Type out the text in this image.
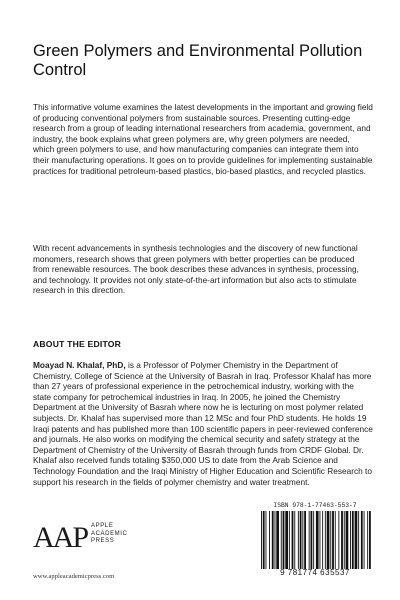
Green Polymers and Environmental Pollution Control

This informative volume examines the latest developments in the important and growing field of producing conventional polymers from sustainable sources. Presenting cutting-edge research from a group of leading international researchers from academia, government, and industry, the book explains what green polymers are, why green polymers are needed, which green polymers to use, and how manufacturing companies can integrate them into their manufacturing operations. It goes on to provide guidelines for implementing sustainable practices for traditional petroleum-based plastics, bio-based plastics, and recycled plastics.

With recent advancements in synthesis technologies and the discovery of new functional monomers, research shows that green polymers with better properties can be produced from renewable resources. The book describes these advances in synthesis, processing, and technology. It provides not only state-of-the-art information but also acts to stimulate research in this direction.

ABOUT THE EDITOR

Moayad N. Khalaf, PhD, is a Professor of Polymer Chemistry in the Department of Chemistry, College of Science at the University of Basrah in Iraq. Professor Khalaf has more than 27 years of professional experience in the petrochemical industry, working with the state company for petrochemical industries in Iraq. In 2005, he joined the Chemistry Department at the University of Basrah where now he is lecturing on most polymer related subjects. Dr. Khalaf has supervised more than 12 MSc and four PhD students. He holds 19 Iraqi patents and has published more than 100 scientific papers in peer-reviewed conference and journals. He also works on modifying the chemical security and safety strategy at the Department of Chemistry of the University of Basrah through funds from CRDF Global. Dr. Khalaf also received funds totaling $350,000 US to date from the Arab Science and Technology Foundation and the Iraqi Ministry of Higher Education and Scientific Research to support his research in the fields of polymer chemistry and water treatment.

AAP APPLE
ACADEMIC
PRESS
www.appleacademicpress.com
ISBN 978-1-77463-553-7
9 781774 635537
